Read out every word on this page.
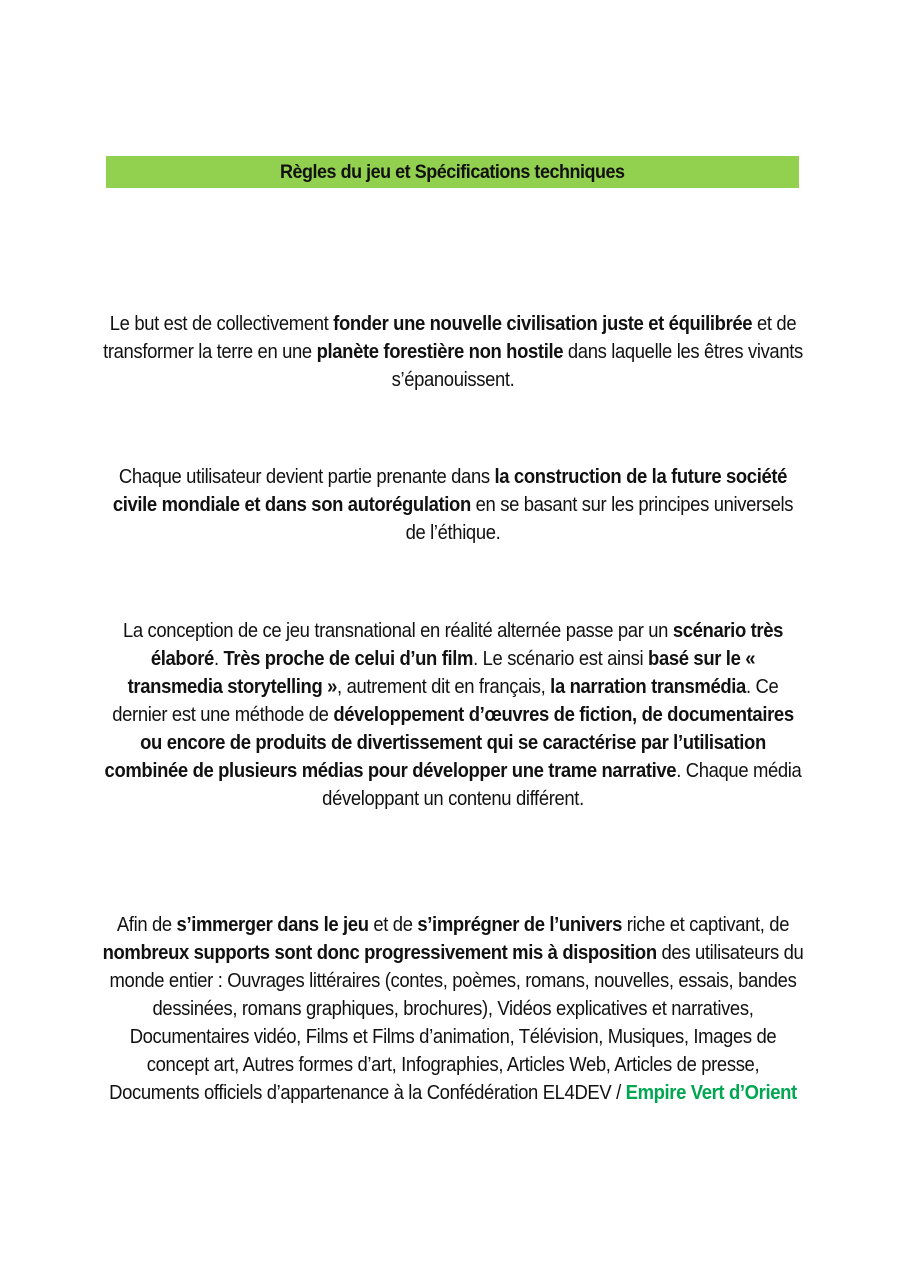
Règles du jeu et Spécifications techniques
Le but est de collectivement fonder une nouvelle civilisation juste et équilibrée et de transformer la terre en une planète forestière non hostile dans laquelle les êtres vivants s’épanouissent.
Chaque utilisateur devient partie prenante dans la construction de la future société civile mondiale et dans son autorégulation en se basant sur les principes universels de l’éthique.
La conception de ce jeu transnational en réalité alternée passe par un scénario très élaboré. Très proche de celui d’un film. Le scénario est ainsi basé sur le « transmedia storytelling », autrement dit en français, la narration transmédia. Ce dernier est une méthode de développement d’œuvres de fiction, de documentaires ou encore de produits de divertissement qui se caractérise par l’utilisation combinée de plusieurs médias pour développer une trame narrative. Chaque média développant un contenu différent.
Afin de s’immerger dans le jeu et de s’imprégner de l’univers riche et captivant, de nombreux supports sont donc progressivement mis à disposition des utilisateurs du monde entier : Ouvrages littéraires (contes, poèmes, romans, nouvelles, essais, bandes dessinées, romans graphiques, brochures), Vidéos explicatives et narratives, Documentaires vidéo, Films et Films d’animation, Télévision, Musiques, Images de concept art, Autres formes d’art, Infographies, Articles Web, Articles de presse, Documents officiels d’appartenance à la Confédération EL4DEV / Empire Vert d’Orient
